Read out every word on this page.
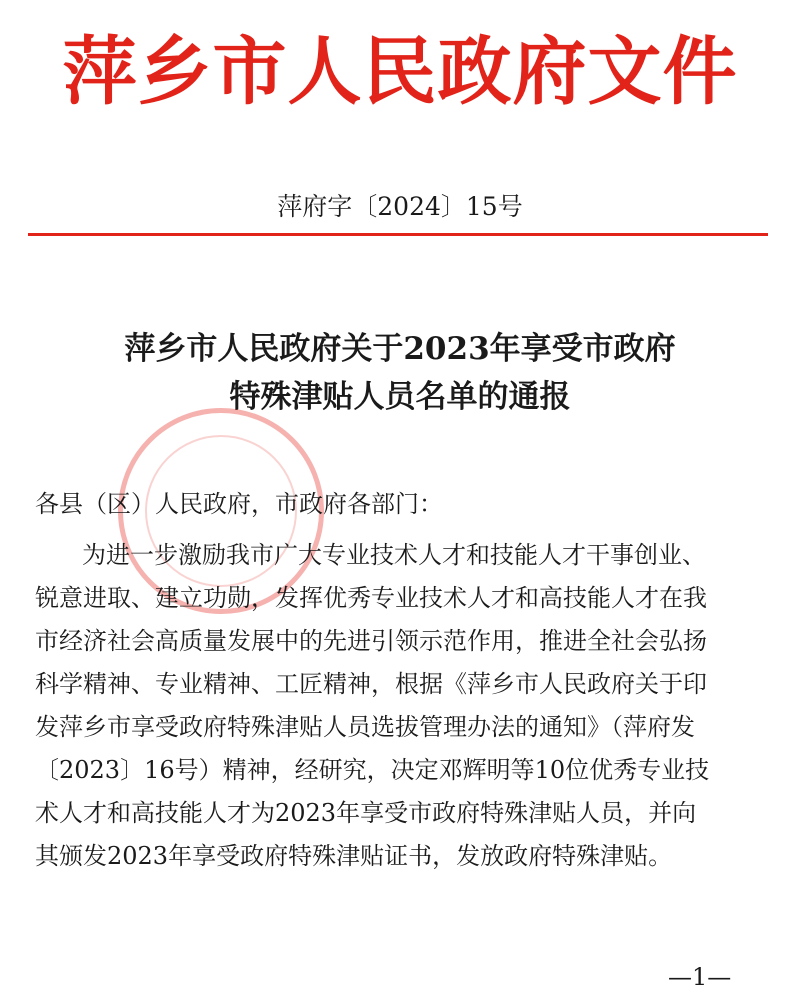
萍乡市人民政府文件
萍府字〔2024〕15号
萍乡市人民政府关于2023年享受市政府
特殊津贴人员名单的通报
各县（区）人民政府，市政府各部门：
为进一步激励我市广大专业技术人才和技能人才干事创业、
锐意进取、建立功勋，发挥优秀专业技术人才和高技能人才在我
市经济社会高质量发展中的先进引领示范作用，推进全社会弘扬
科学精神、专业精神、工匠精神，根据《萍乡市人民政府关于印
发萍乡市享受政府特殊津贴人员选拔管理办法的通知》（萍府发
〔2023〕16号）精神，经研究，决定邓辉明等10位优秀专业技
术人才和高技能人才为2023年享受市政府特殊津贴人员，并向
其颁发2023年享受政府特殊津贴证书，发放政府特殊津贴。
—1—
